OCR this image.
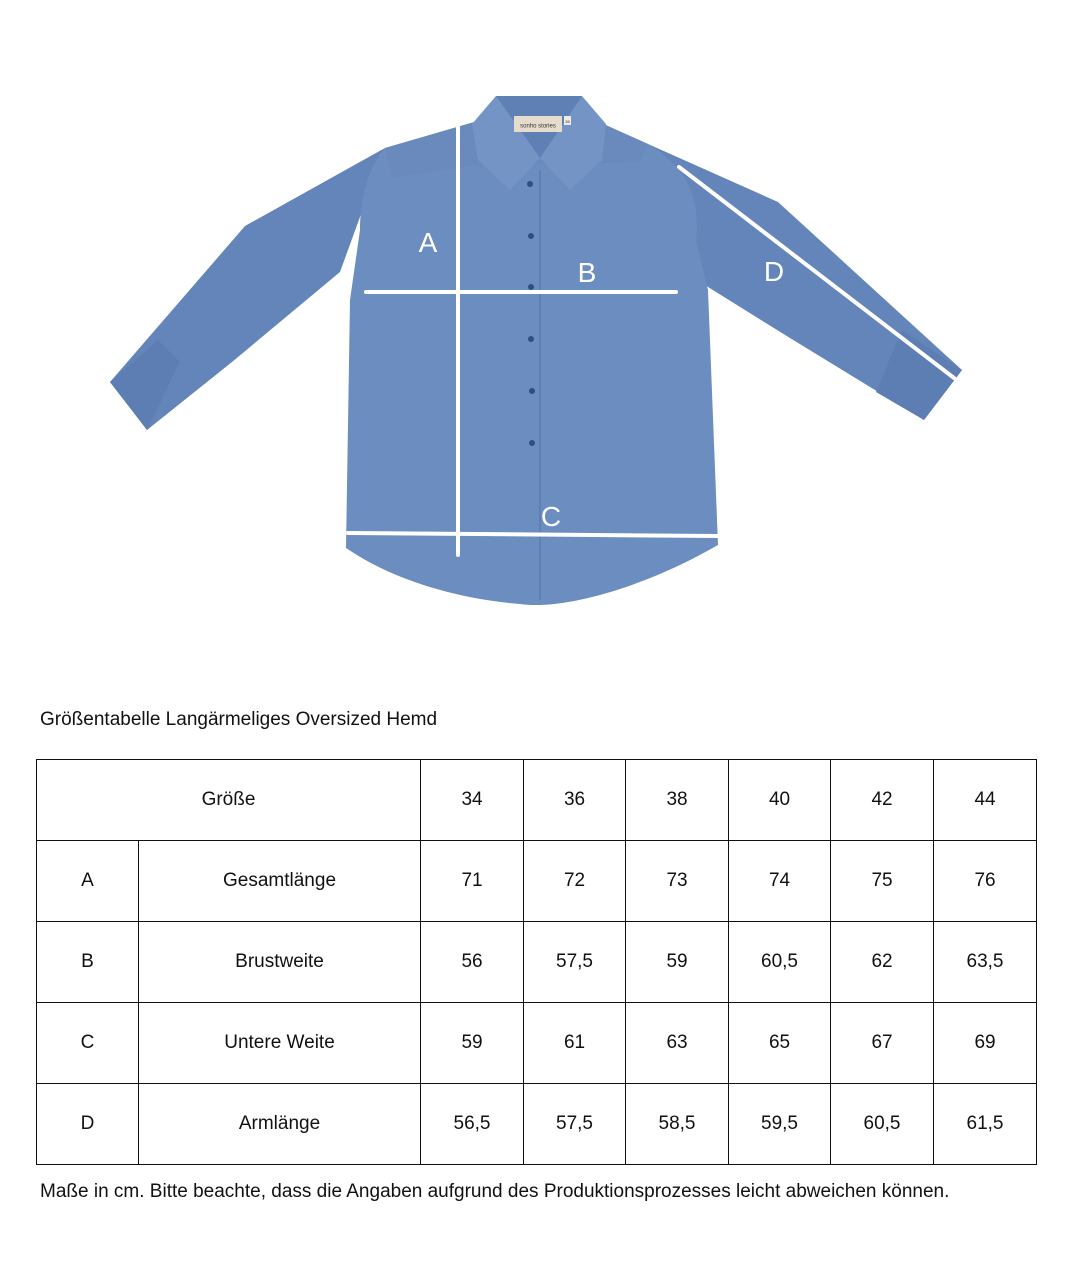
sonho stories
36
A
B
C
D
Größentabelle Langärmeliges Oversized Hemd
Größe		34	36	38	40	42	44
A	Gesamtlänge	71	72	73	74	75	76
B	Brustweite	56	57,5	59	60,5	62	63,5
C	Untere Weite	59	61	63	65	67	69
D	Armlänge	56,5	57,5	58,5	59,5	60,5	61,5
Maße in cm. Bitte beachte, dass die Angaben aufgrund des Produktionsprozesses leicht abweichen können.
